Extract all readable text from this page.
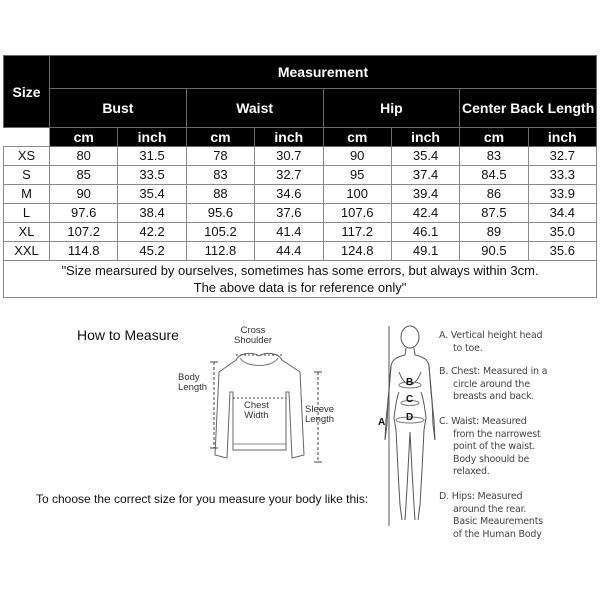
Size	Measurement							
	Bust		Waist		Hip		Center Back Length	
	cm	inch	cm	inch	cm	inch	cm	inch
XS	80	31.5	78	30.7	90	35.4	83	32.7
S	85	33.5	83	32.7	95	37.4	84.5	33.3
M	90	35.4	88	34.6	100	39.4	86	33.9
L	97.6	38.4	95.6	37.6	107.6	42.4	87.5	34.4
XL	107.2	42.2	105.2	41.4	117.2	46.1	89	35.0
XXL	114.8	45.2	112.8	44.4	124.8	49.1	90.5	35.6

"Size mearsured by ourselves, sometimes has some errors, but always within 3cm.
The above data is for reference only"								
How to Measure
To choose the correct size for you measure your body like this:
Cross
Shoulder
Body
Length
Chest
Width
Sleeve
Length	A
B
C
D
A. Vertical height head
to toe.
B. Chest: Measured in a
circle around the
breasts and back.
C. Waist: Measured
from the narrowest
point of the waist.
Body shoould be
relaxed.
D. Hips: Measured
around the rear.
Basic Meaurements
of the Human Body
